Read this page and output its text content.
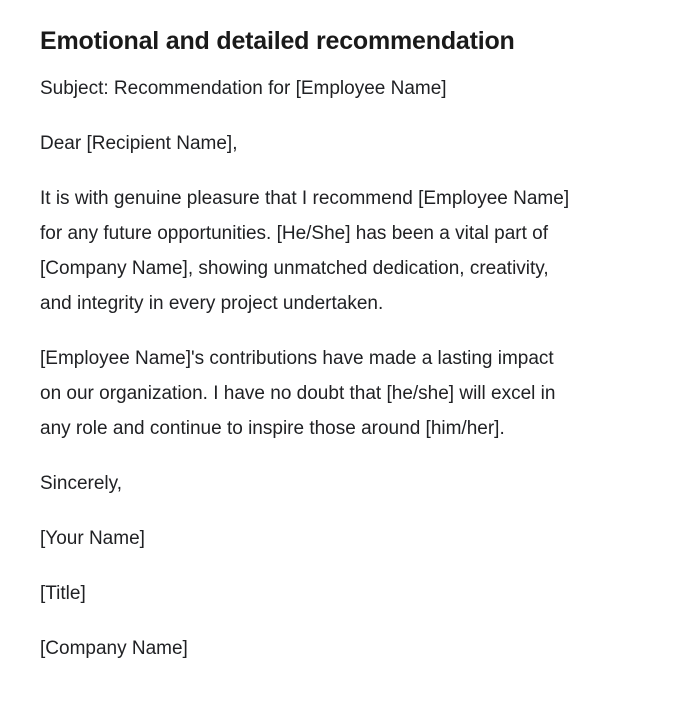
Emotional and detailed recommendation

Subject: Recommendation for [Employee Name]

Dear [Recipient Name],

It is with genuine pleasure that I recommend [Employee Name]
for any future opportunities. [He/She] has been a vital part of
[Company Name], showing unmatched dedication, creativity,
and integrity in every project undertaken.

[Employee Name]'s contributions have made a lasting impact
on our organization. I have no doubt that [he/she] will excel in
any role and continue to inspire those around [him/her].

Sincerely,

[Your Name]

[Title]

[Company Name]
